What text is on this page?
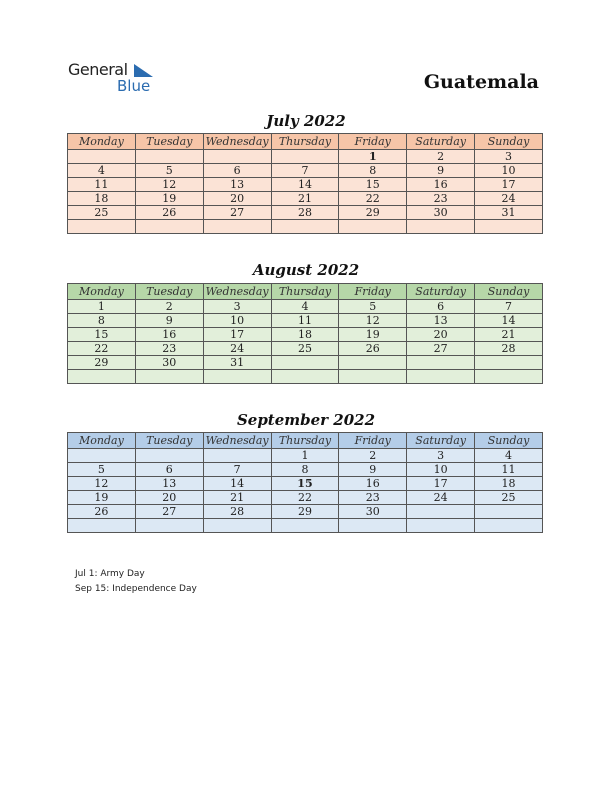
General
Blue	Guatemala
July 2022
Monday	Tuesday	Wednesday	Thursday	Friday	Saturday	Sunday
				1	2	3
4	5	6	7	8	9	10
11	12	13	14	15	16	17
18	19	20	21	22	23	24
25	26	27	28	29	30	31

August 2022
Monday	Tuesday	Wednesday	Thursday	Friday	Saturday	Sunday
1	2	3	4	5	6	7
8	9	10	11	12	13	14
15	16	17	18	19	20	21
22	23	24	25	26	27	28
29	30	31				

September 2022
Monday	Tuesday	Wednesday	Thursday	Friday	Saturday	Sunday
			1	2	3	4
5	6	7	8	9	10	11
12	13	14	15	16	17	18
19	20	21	22	23	24	25
26	27	28	29	30		

Jul 1: Army Day
Sep 15: Independence Day
